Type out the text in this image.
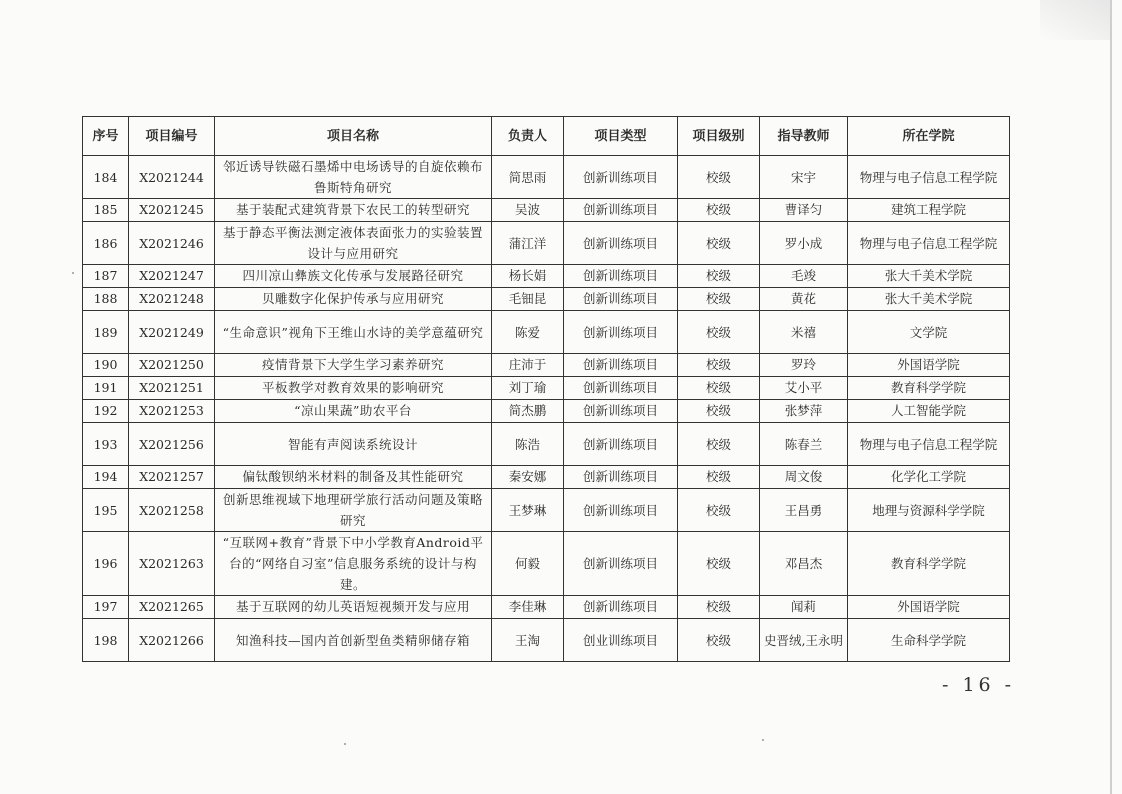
序号	项目编号	项目名称	负责人	项目类型	项目级别	指导教师	所在学院
184	X2021244	邻近诱导铁磁石墨烯中电场诱导的自旋依赖布鲁斯特角研究	简思雨	创新训练项目	校级	宋宇	物理与电子信息工程学院
185	X2021245	基于装配式建筑背景下农民工的转型研究	吴波	创新训练项目	校级	曹译匀	建筑工程学院
186	X2021246	基于静态平衡法测定液体表面张力的实验装置设计与应用研究	蒲江洋	创新训练项目	校级	罗小成	物理与电子信息工程学院
187	X2021247	四川凉山彝族文化传承与发展路径研究	杨长娟	创新训练项目	校级	毛竣	张大千美术学院
188	X2021248	贝雕数字化保护传承与应用研究	毛钿昆	创新训练项目	校级	黄花	张大千美术学院
189	X2021249	“生命意识”视角下王维山水诗的美学意蕴研究	陈爱	创新训练项目	校级	米禧	文学院
190	X2021250	疫情背景下大学生学习素养研究	庄沛于	创新训练项目	校级	罗玲	外国语学院
191	X2021251	平板教学对教育效果的影响研究	刘丁瑜	创新训练项目	校级	艾小平	教育科学学院
192	X2021253	“凉山果蔬”助农平台	简杰鹏	创新训练项目	校级	张梦萍	人工智能学院
193	X2021256	智能有声阅读系统设计	陈浩	创新训练项目	校级	陈春兰	物理与电子信息工程学院
194	X2021257	偏钛酸钡纳米材料的制备及其性能研究	秦安娜	创新训练项目	校级	周文俊	化学化工学院
195	X2021258	创新思维视域下地理研学旅行活动问题及策略研究	王梦琳	创新训练项目	校级	王昌勇	地理与资源科学学院
196	X2021263	“互联网+教育”背景下中小学教育Android平台的“网络自习室”信息服务系统的设计与构建。	何毅	创新训练项目	校级	邓昌杰	教育科学学院
197	X2021265	基于互联网的幼儿英语短视频开发与应用	李佳琳	创新训练项目	校级	闻莉	外国语学院
198	X2021266	知渔科技—国内首创新型鱼类精卵储存箱	王淘	创业训练项目	校级	史晋绒,王永明	生命科学学院
- 16 -
